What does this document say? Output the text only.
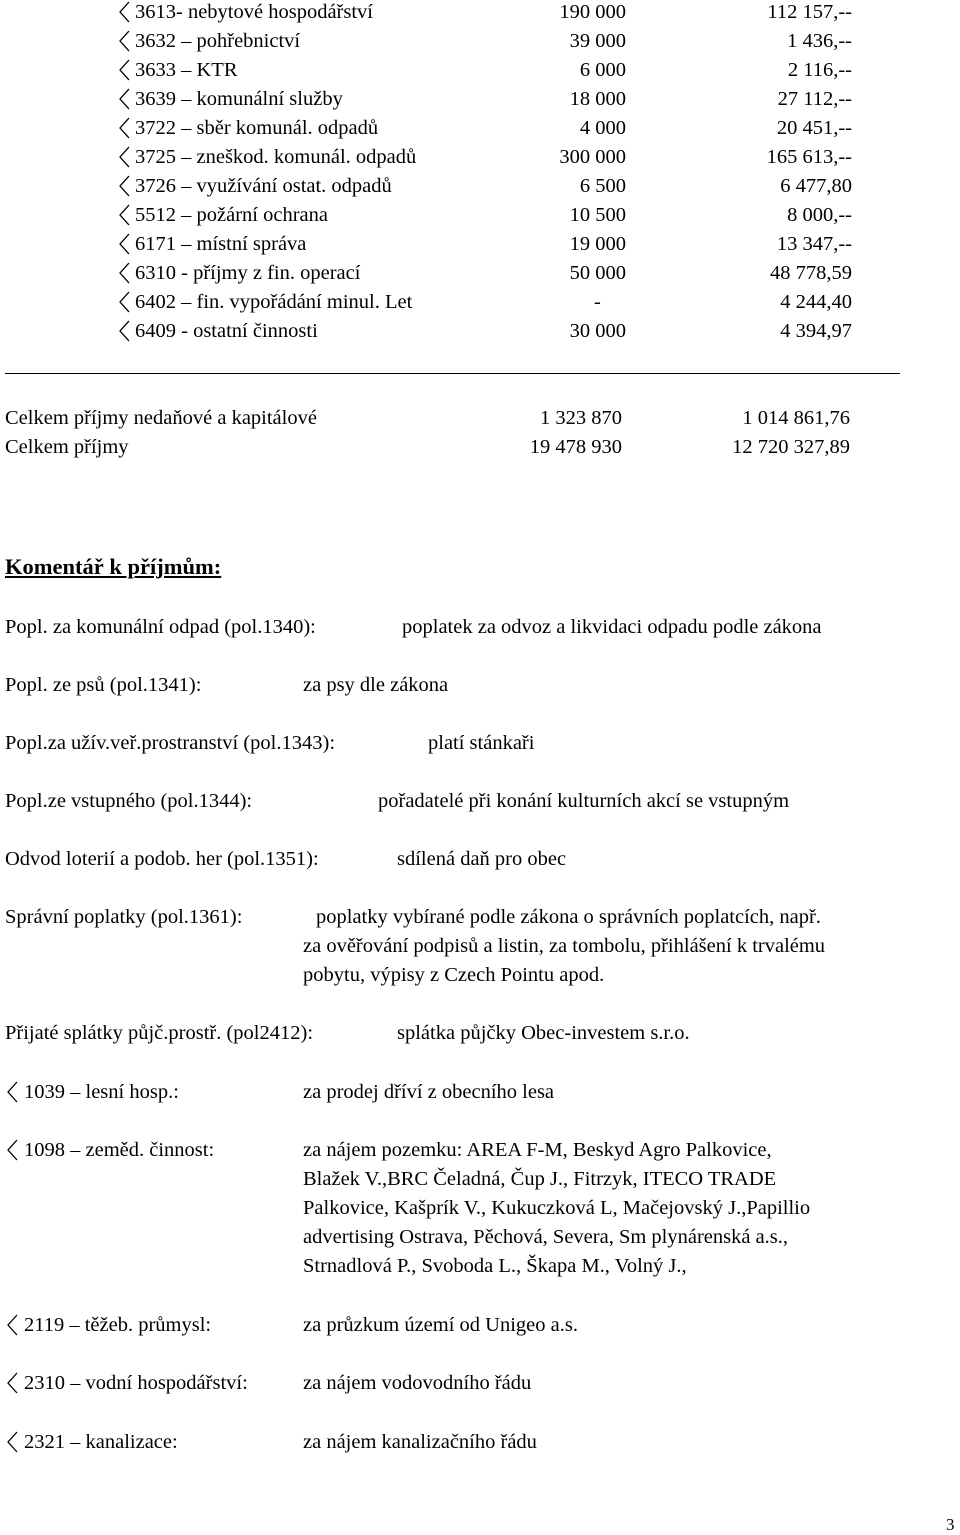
3613- nebytové hospodářství	190 000	112 157,--
3632 – pohřebnictví	39 000	1 436,--
3633 – KTR	6 000	2 116,--
3639 – komunální služby	18 000	27 112,--
3722 – sběr komunál. odpadů	4 000	20 451,--
3725 – zneškod. komunál. odpadů	300 000	165 613,--
3726 – využívání ostat. odpadů	6 500	6 477,80
5512 – požární ochrana	10 500	8 000,--
6171 – místní správa	19 000	13 347,--
6310 - příjmy z fin. operací	50 000	48 778,59
6402 – fin. vypořádání minul. Let	-	4 244,40
6409 - ostatní činnosti	30 000	4 394,97
Celkem příjmy nedaňové a kapitálové	1 323 870	1 014 861,76
Celkem příjmy	19 478 930	12 720 327,89
Komentář k příjmům:
Popl. za komunální odpad (pol.1340):	poplatek za odvoz a likvidaci odpadu podle zákona
Popl. ze psů (pol.1341):	za psy dle zákona
Popl.za užív.veř.prostranství (pol.1343):	platí stánkaři
Popl.ze vstupného (pol.1344):	pořadatelé při konání kulturních akcí se vstupným
Odvod loterií a podob. her (pol.1351):	sdílená daň pro obec
Správní poplatky (pol.1361):	poplatky vybírané podle zákona o správních poplatcích, např.
za ověřování podpisů a listin, za tombolu, přihlášení k trvalému
pobytu, výpisy z Czech Pointu apod.
Přijaté splátky půjč.prostř. (pol2412):	splátka půjčky Obec-investem s.r.o.
1039 – lesní hosp.:	za prodej dříví z obecního lesa
1098 – zeměd. činnost:	za nájem pozemku: AREA F-M, Beskyd Agro Palkovice,
Blažek V.,BRC Čeladná, Čup J., Fitrzyk, ITECO TRADE
Palkovice, Kašprík V., Kukuczková L, Mačejovský J.,Papillio
advertising Ostrava, Pěchová, Severa, Sm plynárenská a.s.,
Strnadlová P., Svoboda L., Škapa M., Volný J.,
2119 – těžeb. průmysl:	za průzkum území od Unigeo a.s.
2310 – vodní hospodářství:	za nájem vodovodního řádu
2321 – kanalizace:	za nájem kanalizačního řádu
3
